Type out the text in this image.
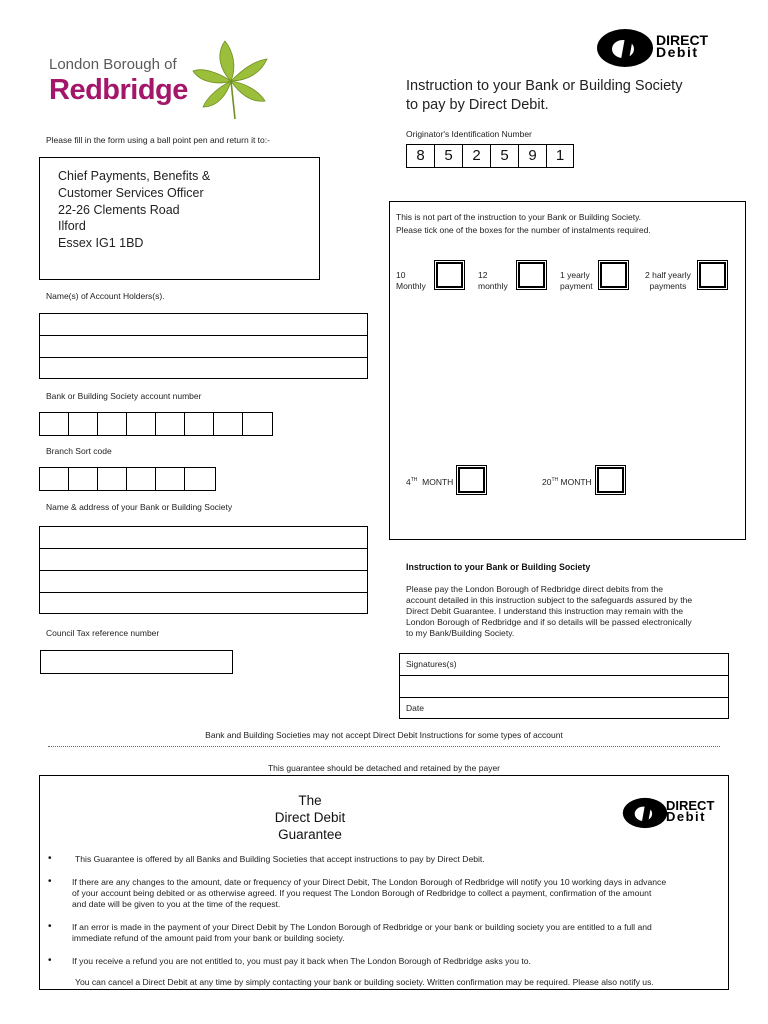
London Borough of
Redbridge
DIRECT
Debit
Instruction to your Bank or Building Society
to pay by Direct Debit.
Please fill in the form using a ball point pen and return it to:-
Chief Payments, Benefits &
Customer Services Officer
22-26 Clements Road
Ilford
Essex IG1 1BD
Originator's Identification Number
8	5	2	5	9	1
This is not part of the instruction to your Bank or Building Society.
Please tick one of the boxes for the number of instalments required.
10
Monthly
12
monthly
1 yearly
payment
2 half yearly
payments
4TH MONTH	20TH MONTH
Name(s) of Account Holders(s).
Bank or Building Society account number
Branch Sort code
Name & address of your Bank or Building Society
Council Tax reference number
Instruction to your Bank or Building Society
Please pay the London Borough of Redbridge direct debits from the
account detailed in this instruction subject to the safeguards assured by the
Direct Debit Guarantee. I understand this instruction may remain with the
London Borough of Redbridge and if so details will be passed electronically
to my Bank/Building Society.
Signatures(s)
Date
Bank and Building Societies may not accept Direct Debit Instructions for some types of account
This guarantee should be detached and retained by the payer
The
Direct Debit
Guarantee
DIRECT
Debit
•	This Guarantee is offered by all Banks and Building Societies that accept instructions to pay by Direct Debit.
• If there are any changes to the amount, date or frequency of your Direct Debit, The London Borough of Redbridge will notify you 10 working days in advance
of your account being debited or as otherwise agreed. If you request The London Borough of Redbridge to collect a payment, confirmation of the amount
and date will be given to you at the time of the request.
• If an error is made in the payment of your Direct Debit by The London Borough of Redbridge or your bank or building society you are entitled to a full and
immediate refund of the amount paid from your bank or building society.
• If you receive a refund you are not entitled to, you must pay it back when The London Borough of Redbridge asks you to.
You can cancel a Direct Debit at any time by simply contacting your bank or building society. Written confirmation may be required. Please also notify us.
